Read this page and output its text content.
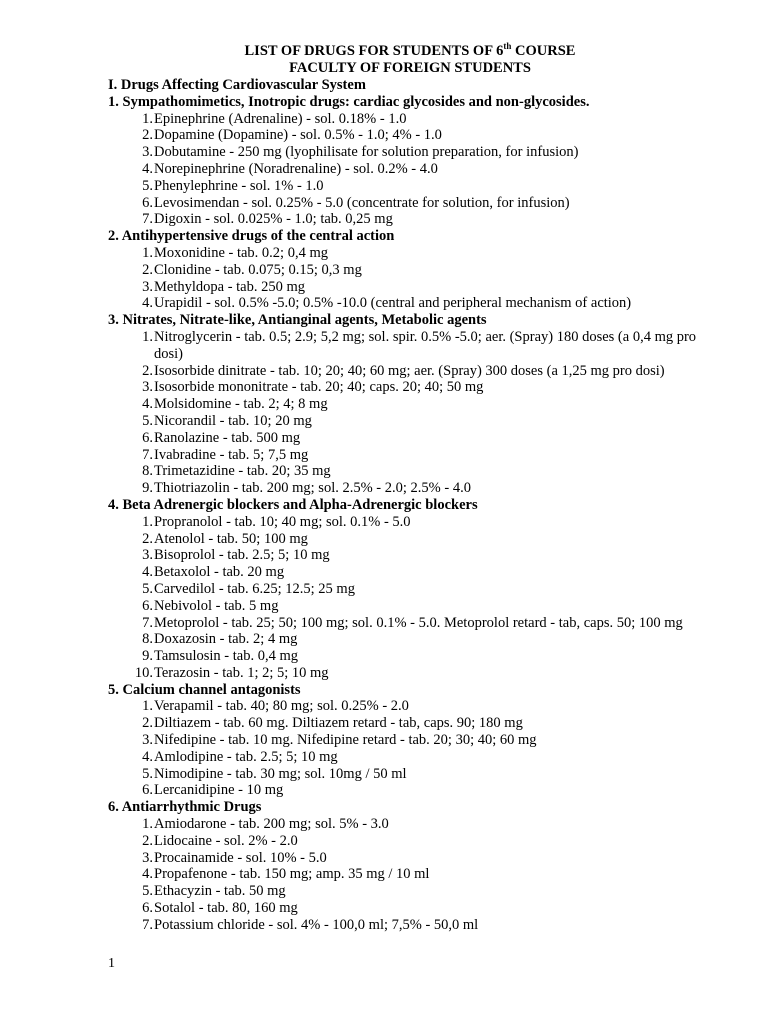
LIST OF DRUGS FOR STUDENTS OF 6th COURSE
FACULTY OF FOREIGN STUDENTS
I. Drugs Affecting Cardiovascular System
1. Sympathomimetics, Inotropic drugs: cardiac glycosides and non-glycosides.
1. Epinephrine (Adrenaline) - sol. 0.18% - 1.0
2. Dopamine (Dopamine) - sol. 0.5% - 1.0; 4% - 1.0
3. Dobutamine - 250 mg (lyophilisate for solution preparation, for infusion)
4. Norepinephrine (Noradrenaline) - sol. 0.2% - 4.0
5. Phenylephrine - sol. 1% - 1.0
6. Levosimendan - sol. 0.25% - 5.0 (concentrate for solution, for infusion)
7. Digoxin - sol. 0.025% - 1.0; tab. 0,25 mg
2. Antihypertensive drugs of the central action
1. Moxonidine - tab. 0.2; 0,4 mg
2. Clonidine - tab. 0.075; 0.15; 0,3 mg
3. Methyldopa - tab. 250 mg
4. Urapidil - sol. 0.5% -5.0; 0.5% -10.0 (central and peripheral mechanism of action)
3. Nitrates, Nitrate-like, Antianginal agents, Metabolic agents
1. Nitroglycerin - tab. 0.5; 2.9; 5,2 mg; sol. spir. 0.5% -5.0; aer. (Spray) 180 doses (a 0,4 mg pro dosi)
2. Isosorbide dinitrate - tab. 10; 20; 40; 60 mg; aer. (Spray) 300 doses (a 1,25 mg pro dosi)
3. Isosorbide mononitrate - tab. 20; 40; caps. 20; 40; 50 mg
4. Molsidomine - tab. 2; 4; 8 mg
5. Nicorandil - tab. 10; 20 mg
6. Ranolazine - tab. 500 mg
7. Ivabradine - tab. 5; 7,5 mg
8. Trimetazidine - tab. 20; 35 mg
9. Thiotriazolin - tab. 200 mg; sol. 2.5% - 2.0; 2.5% - 4.0
4. Beta Adrenergic blockers and Alpha-Adrenergic blockers
1. Propranolol - tab. 10; 40 mg; sol. 0.1% - 5.0
2. Atenolol - tab. 50; 100 mg
3. Bisoprolol - tab. 2.5; 5; 10 mg
4. Betaxolol - tab. 20 mg
5. Carvedilol - tab. 6.25; 12.5; 25 mg
6. Nebivolol - tab. 5 mg
7. Metoprolol - tab. 25; 50; 100 mg; sol. 0.1% - 5.0. Metoprolol retard - tab, caps. 50; 100 mg
8. Doxazosin - tab. 2; 4 mg
9. Tamsulosin - tab. 0,4 mg
10. Terazosin - tab. 1; 2; 5; 10 mg
5. Calcium channel antagonists
1. Verapamil - tab. 40; 80 mg; sol. 0.25% - 2.0
2. Diltiazem - tab. 60 mg. Diltiazem retard - tab, caps. 90; 180 mg
3. Nifedipine - tab. 10 mg. Nifedipine retard - tab. 20; 30; 40; 60 mg
4. Amlodipine - tab. 2.5; 5; 10 mg
5. Nimodipine - tab. 30 mg; sol. 10mg / 50 ml
6. Lercanidipine - 10 mg
6. Antiarrhythmic Drugs
1. Amiodarone - tab. 200 mg; sol. 5% - 3.0
2. Lidocaine - sol. 2% - 2.0
3. Procainamide - sol. 10% - 5.0
4. Propafenone - tab. 150 mg; amp. 35 mg / 10 ml
5. Ethacyzin - tab. 50 mg
6. Sotalol - tab. 80, 160 mg
7. Potassium chloride - sol. 4% - 100,0 ml; 7,5% - 50,0 ml
1
